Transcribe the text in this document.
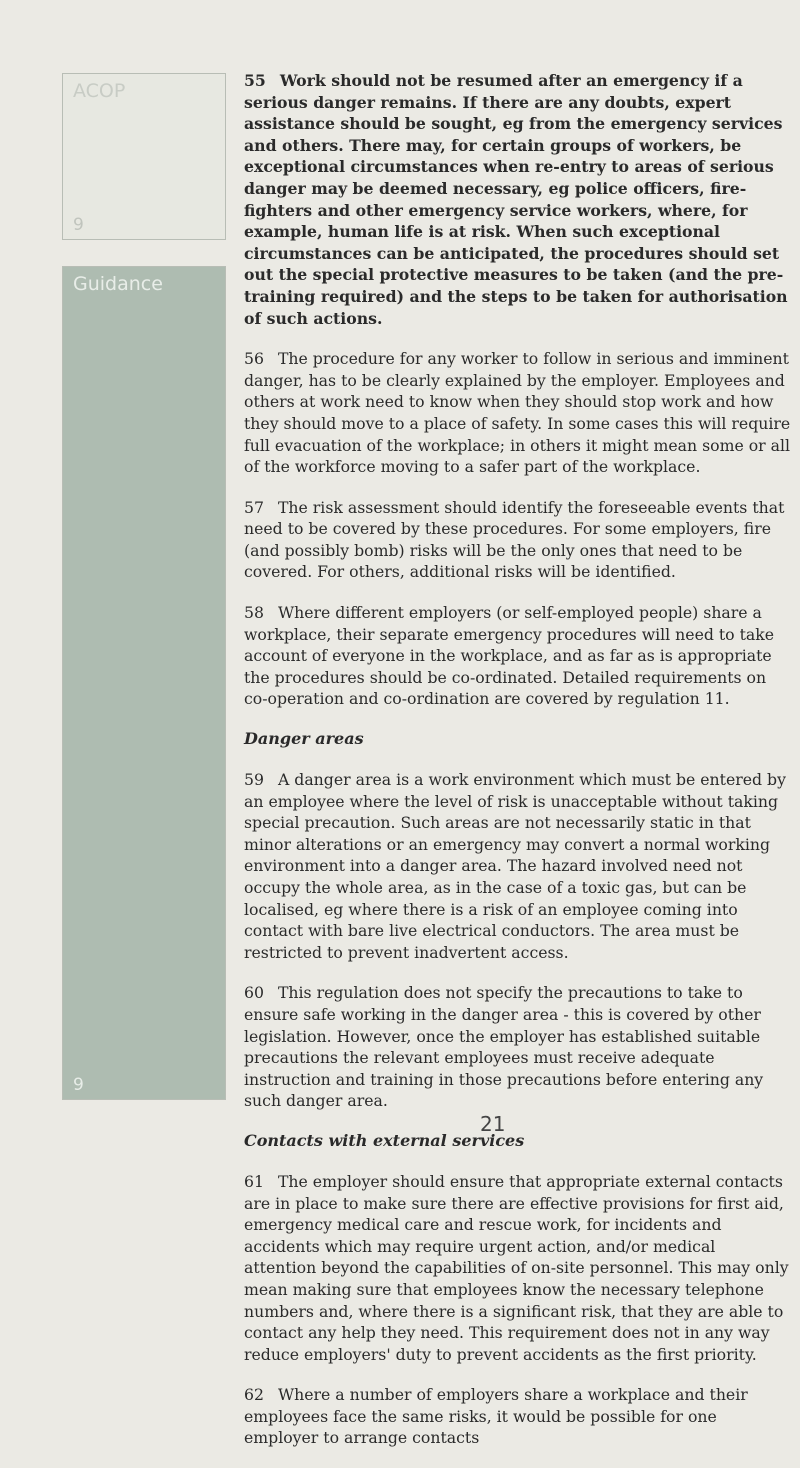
ACOP
9
Guidance
9

55 Work should not be resumed after an emergency if a serious danger remains. If there are any doubts, expert assistance should be sought, eg from the emergency services and others. There may, for certain groups of workers, be exceptional circumstances when re-entry to areas of serious danger may be deemed necessary, eg police officers, fire-fighters and other emergency service workers, where, for example, human life is at risk. When such exceptional circumstances can be anticipated, the procedures should set out the special protective measures to be taken (and the pre-training required) and the steps to be taken for authorisation of such actions.

56 The procedure for any worker to follow in serious and imminent danger, has to be clearly explained by the employer. Employees and others at work need to know when they should stop work and how they should move to a place of safety. In some cases this will require full evacuation of the workplace; in others it might mean some or all of the workforce moving to a safer part of the workplace.

57 The risk assessment should identify the foreseeable events that need to be covered by these procedures. For some employers, fire (and possibly bomb) risks will be the only ones that need to be covered. For others, additional risks will be identified.

58 Where different employers (or self-employed people) share a workplace, their separate emergency procedures will need to take account of everyone in the workplace, and as far as is appropriate the procedures should be co-ordinated. Detailed requirements on co-operation and co-ordination are covered by regulation 11.

Danger areas

59 A danger area is a work environment which must be entered by an employee where the level of risk is unacceptable without taking special precaution. Such areas are not necessarily static in that minor alterations or an emergency may convert a normal working environment into a danger area. The hazard involved need not occupy the whole area, as in the case of a toxic gas, but can be localised, eg where there is a risk of an employee coming into contact with bare live electrical conductors. The area must be restricted to prevent inadvertent access.

60 This regulation does not specify the precautions to take to ensure safe working in the danger area - this is covered by other legislation. However, once the employer has established suitable precautions the relevant employees must receive adequate instruction and training in those precautions before entering any such danger area.

Contacts with external services

61 The employer should ensure that appropriate external contacts are in place to make sure there are effective provisions for first aid, emergency medical care and rescue work, for incidents and accidents which may require urgent action, and/or medical attention beyond the capabilities of on-site personnel. This may only mean making sure that employees know the necessary telephone numbers and, where there is a significant risk, that they are able to contact any help they need. This requirement does not in any way reduce employers' duty to prevent accidents as the first priority.

62 Where a number of employers share a workplace and their employees face the same risks, it would be possible for one employer to arrange contacts

21
